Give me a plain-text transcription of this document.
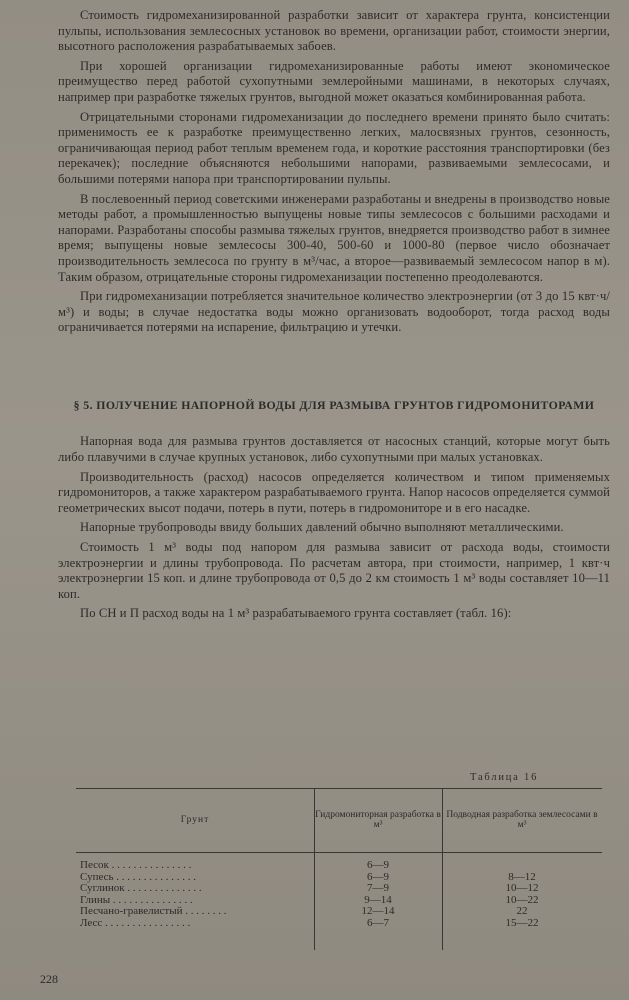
Стоимость гидромеханизированной разработки зависит от характера грунта, консистенции пульпы, использования землесосных установок во времени, организации работ, стоимости энергии, высотного расположения разрабатываемых забоев.

При хорошей организации гидромеханизированные работы имеют экономическое преимущество перед работой сухопутными землеройными машинами, в некоторых случаях, например при разработке тяжелых грунтов, выгодной может оказаться комбинированная работа.

Отрицательными сторонами гидромеханизации до последнего времени принято было считать: применимость ее к разработке преимущественно легких, малосвязных грунтов, сезонность, ограничивающая период работ теплым временем года, и короткие расстояния транспортировки (без перекачек); последние объясняются небольшими напорами, развиваемыми землесосами, и большими потерями напора при транспортировании пульпы.

В послевоенный период советскими инженерами разработаны и внедрены в производство новые методы работ, а промышленностью выпущены новые типы землесосов с большими расходами и напорами. Разработаны способы размыва тяжелых грунтов, внедряется производство работ в зимнее время; выпущены новые землесосы 300-40, 500-60 и 1000-80 (первое число обозначает производительность землесоса по грунту в м³/час, а второе—развиваемый землесосом напор в м). Таким образом, отрицательные стороны гидромеханизации постепенно преодолеваются.

При гидромеханизации потребляется значительное количество электроэнергии (от 3 до 15 квт·ч/м³) и воды; в случае недостатка воды можно организовать водооборот, тогда расход воды ограничивается потерями на испарение, фильтрацию и утечки.

§ 5. ПОЛУЧЕНИЕ НАПОРНОЙ ВОДЫ ДЛЯ РАЗМЫВА ГРУНТОВ ГИДРОМОНИТОРАМИ

Напорная вода для размыва грунтов доставляется от насосных станций, которые могут быть либо плавучими в случае крупных установок, либо сухопутными при малых установках.

Производительность (расход) насосов определяется количеством и типом применяемых гидромониторов, а также характером разрабатываемого грунта. Напор насосов определяется суммой геометрических высот подачи, потерь в пути, потерь в гидромониторе и в его насадке.

Напорные трубопроводы ввиду больших давлений обычно выполняют металлическими.

Стоимость 1 м³ воды под напором для размыва зависит от расхода воды, стоимости электроэнергии и длины трубопровода. По расчетам автора, при стоимости, например, 1 квт·ч электроэнергии 15 коп. и длине трубопровода от 0,5 до 2 км стоимость 1 м³ воды составляет 10—11 коп.

По СН и П расход воды на 1 м³ разрабатываемого грунта составляет (табл. 16):

Таблица 16
Грунт
Гидромониторная разработка в м³
Подводная разработка землесосами в м³
Песок . . . . . . . . . . . . . . .	6—9
Супесь . . . . . . . . . . . . . . .	6—9	8—12
Суглинок . . . . . . . . . . . . . .	7—9	10—12
Глины . . . . . . . . . . . . . . .	9—14	10—22
Песчано-гравелистый . . . . . . . .	12—14	22
Лесс . . . . . . . . . . . . . . . .	6—7	15—22
228
